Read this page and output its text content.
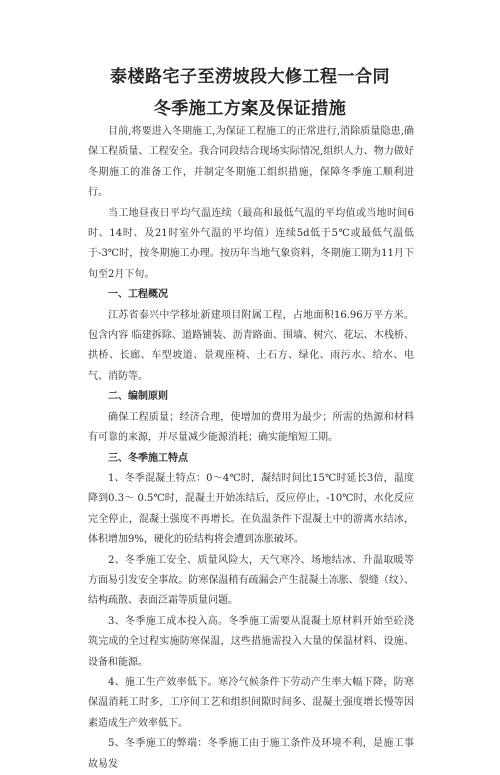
泰楼路宅子至涝坡段大修工程一合同
冬季施工方案及保证措施

目前,将要进入冬期施工,为保证工程施工的正常进行,消除质量隐患,确保工程质量、工程安全。我合同段结合现场实际情况,组织人力、物力做好冬期施工的准备工作，并制定冬期施工组织措施，保障冬季施工顺利进行。

当工地昼夜日平均气温连续（最高和最低气温的平均值或当地时间6时、14时、及21时室外气温的平均值）连续5d低于5℃或最低气温低于-3℃时，按冬期施工办理。按历年当地气象资料，冬期施工期为11月下旬至2月下旬。

一、工程概况

江苏省泰兴中学移址新建项目附属工程，占地面积16.96万平方米。包含内容 临建拆除、道路铺装、沥青路面、围墙、树穴、花坛、木栈桥、拱桥、长廊、车型坡道、景观座椅、土石方、绿化、雨污水、给水、电气、消防等。

二、编制原则

确保工程质量；经济合理，使增加的费用为最少；所需的热源和材料有可靠的来源，并尽量减少能源消耗；确实能缩短工期。

三、冬季施工特点

1、冬季混凝土特点：0～4℃时，凝结时间比15℃时延长3倍，温度降到0.3～ 0.5℃时，混凝土开始冻结后，反应停止，-10℃时，水化反应完全停止，混凝土强度不再增长。在负温条件下混凝土中的游离水结冰，体积增加9%，硬化的砼结构将会遭到冻胀破坏。

2、冬季施工安全、质量风险大，天气寒冷、场地结冰、升温取暖等方面易引发安全事故。防寒保温稍有疏漏会产生混凝土冻胀、裂缝（纹）、结构疏散、表面泛霜等质量问题。

3、冬季施工成本投入高。冬季施工需要从混凝土原材料开始至砼浇筑完成的全过程实施防寒保温，这些措施需投入大量的保温材料、设施、设备和能源。

4、施工生产效率低下。寒冷气候条件下劳动产生率大幅下降，防寒保温消耗工时多，工序间工艺和组织间隙时间多、混凝土强度增长慢等因素造成生产效率低下。

5、冬季施工的弊端：冬季施工由于施工条件及环境不利，是施工事故易发
